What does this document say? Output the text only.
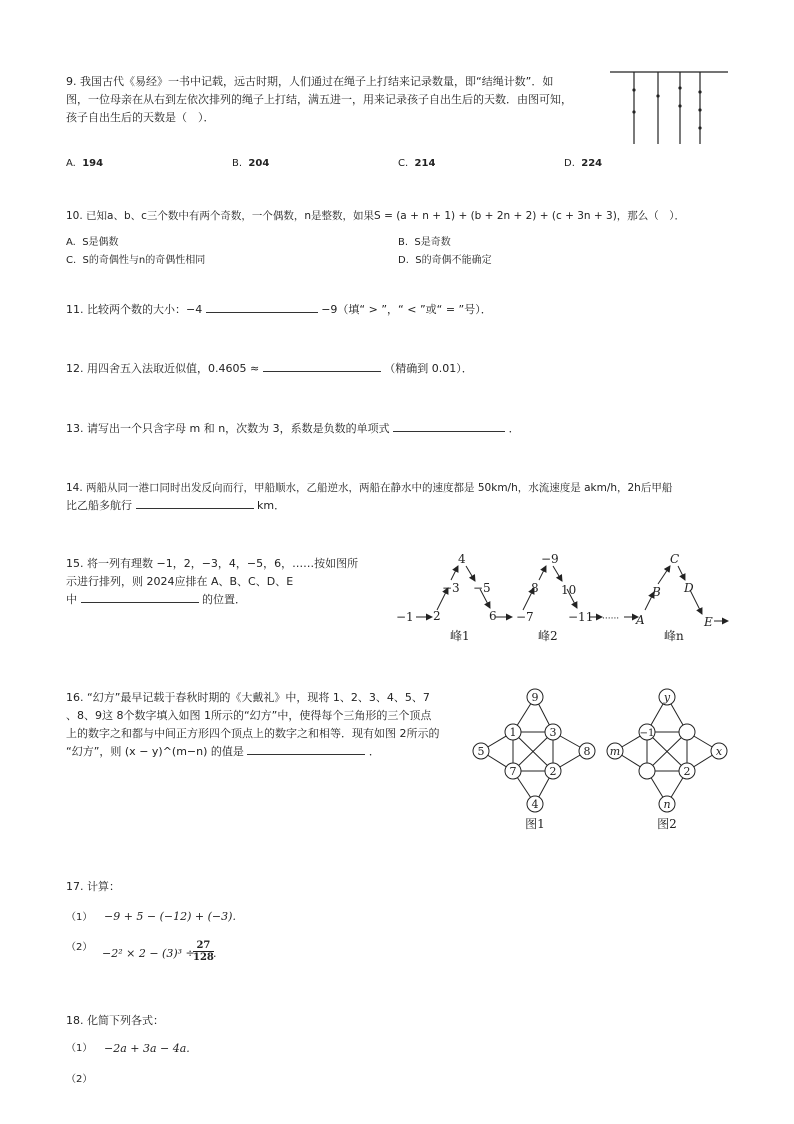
9. 我国古代《易经》一书中记载，远古时期，人们通过在绳子上打结来记录数量，即“结绳计数”．如
图，一位母亲在从右到左依次排列的绳子上打结，满五进一，用来记录孩子自出生后的天数．由图可知，
孩子自出生后的天数是（　）．
A. 194	B. 204	C. 214	D. 224
10. 已知a、b、c三个数中有两个奇数，一个偶数，n是整数，如果S = (a + n + 1) + (b + 2n + 2) + (c + 3n + 3)，那么（　）．
A. S是偶数	B. S是奇数
C. S的奇偶性与n的奇偶性相同	D. S的奇偶不能确定
11. 比较两个数的大小：−4	−9（填“ > ”，“ < ”或“ = ”号）．
12. 用四舍五入法取近似值，0.4605 ≈	（精确到 0.01）．
13. 请写出一个只含字母 m 和 n，次数为 3，系数是负数的单项式	．
14. 两船从同一港口同时出发反向而行，甲船顺水，乙船逆水，两船在静水中的速度都是 50km/h，水流速度是 akm/h，2h后甲船
比乙船多航行	km．
15. 将一列有理数 −1，2，−3，4，−5，6，……按如图所
示进行排列，则 2024应排在 A、B、C、D、E
中	的位置．
−1 2
−3
4
−5
6 −7
8
−9
10
−11 ······ A
B
C
D
E
峰1	峰2	峰n
16. “幻方”最早记载于春秋时期的《大戴礼》中，现将 1、2、3、4、5、7
、8、9这 8个数字填入如图 1所示的“幻方”中，使得每个三角形的三个顶点
上的数字之和都与中间正方形四个顶点上的数字之和相等．现有如图 2所示的
“幻方”，则 (x − y)^(m−n) 的值是	．
9
5	8
4
1	3
7	2
图1
y
m	x
n
−1
2
图2
17. 计算：
（1） −9 + 5 − (−12) + (−3).
（2） −2² × 2 − (3)³ ÷
$\frac{27}{128}$ .
18. 化简下列各式：
（1） −2a + 3a − 4a.
（2）
